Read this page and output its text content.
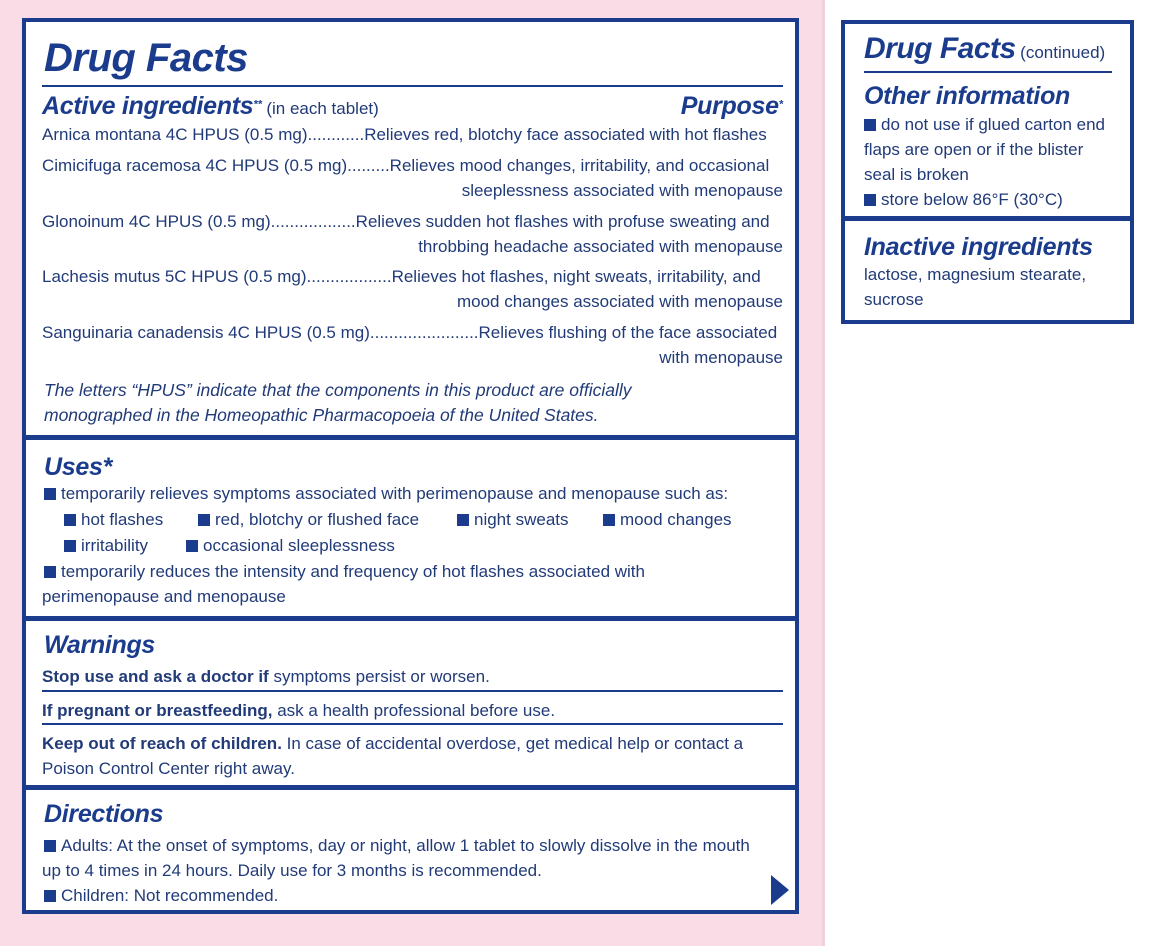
Drug Facts
Active ingredients** (in each tablet)	Purpose*
Arnica montana 4C HPUS (0.5 mg)............Relieves red, blotchy face associated with hot flashes
Cimicifuga racemosa 4C HPUS (0.5 mg).........Relieves mood changes, irritability, and occasional
sleeplessness associated with menopause
Glonoinum 4C HPUS (0.5 mg)..................Relieves sudden hot flashes with profuse sweating and
throbbing headache associated with menopause
Lachesis mutus 5C HPUS (0.5 mg)..................Relieves hot flashes, night sweats, irritability, and
mood changes associated with menopause
Sanguinaria canadensis 4C HPUS (0.5 mg).......................Relieves flushing of the face associated
with menopause
The letters “HPUS” indicate that the components in this product are officially
monographed in the Homeopathic Pharmacopoeia of the United States.
Uses*
temporarily relieves symptoms associated with perimenopause and menopause such as:
hot flashes	red, blotchy or flushed face	night sweats	mood changes
irritability	occasional sleeplessness
temporarily reduces the intensity and frequency of hot flashes associated with
perimenopause and menopause
Warnings
Stop use and ask a doctor if symptoms persist or worsen.
If pregnant or breastfeeding, ask a health professional before use.
Keep out of reach of children. In case of accidental overdose, get medical help or contact a
Poison Control Center right away.
Directions
Adults: At the onset of symptoms, day or night, allow 1 tablet to slowly dissolve in the mouth
up to 4 times in 24 hours. Daily use for 3 months is recommended.
Children: Not recommended.
Drug Facts (continued)
Other information
do not use if glued carton end
flaps are open or if the blister
seal is broken
store below 86°F (30°C)
Inactive ingredients
lactose, magnesium stearate,
sucrose
